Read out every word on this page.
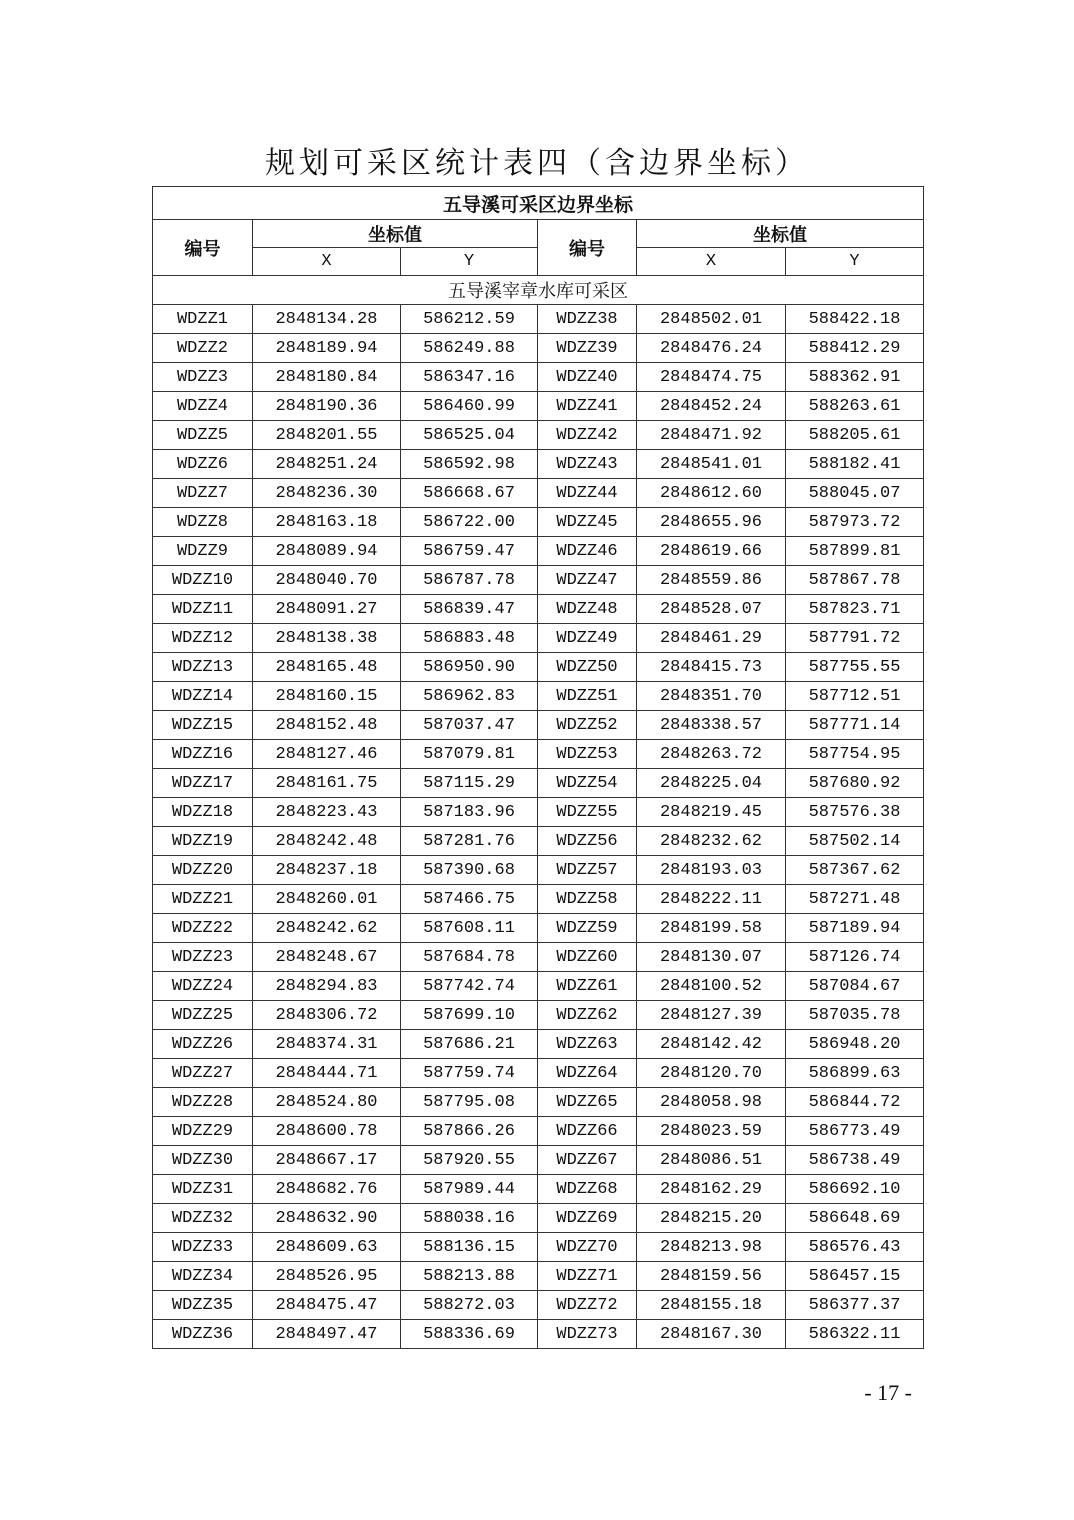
规划可采区统计表四（含边界坐标）
五导溪可采区边界坐标					
编号	坐标值		编号	坐标值	
	X	Y		X	Y
五导溪宰章水库可采区					
WDZZ1	2848134.28	586212.59	WDZZ38	2848502.01	588422.18
WDZZ2	2848189.94	586249.88	WDZZ39	2848476.24	588412.29
WDZZ3	2848180.84	586347.16	WDZZ40	2848474.75	588362.91
WDZZ4	2848190.36	586460.99	WDZZ41	2848452.24	588263.61
WDZZ5	2848201.55	586525.04	WDZZ42	2848471.92	588205.61
WDZZ6	2848251.24	586592.98	WDZZ43	2848541.01	588182.41
WDZZ7	2848236.30	586668.67	WDZZ44	2848612.60	588045.07
WDZZ8	2848163.18	586722.00	WDZZ45	2848655.96	587973.72
WDZZ9	2848089.94	586759.47	WDZZ46	2848619.66	587899.81
WDZZ10	2848040.70	586787.78	WDZZ47	2848559.86	587867.78
WDZZ11	2848091.27	586839.47	WDZZ48	2848528.07	587823.71
WDZZ12	2848138.38	586883.48	WDZZ49	2848461.29	587791.72
WDZZ13	2848165.48	586950.90	WDZZ50	2848415.73	587755.55
WDZZ14	2848160.15	586962.83	WDZZ51	2848351.70	587712.51
WDZZ15	2848152.48	587037.47	WDZZ52	2848338.57	587771.14
WDZZ16	2848127.46	587079.81	WDZZ53	2848263.72	587754.95
WDZZ17	2848161.75	587115.29	WDZZ54	2848225.04	587680.92
WDZZ18	2848223.43	587183.96	WDZZ55	2848219.45	587576.38
WDZZ19	2848242.48	587281.76	WDZZ56	2848232.62	587502.14
WDZZ20	2848237.18	587390.68	WDZZ57	2848193.03	587367.62
WDZZ21	2848260.01	587466.75	WDZZ58	2848222.11	587271.48
WDZZ22	2848242.62	587608.11	WDZZ59	2848199.58	587189.94
WDZZ23	2848248.67	587684.78	WDZZ60	2848130.07	587126.74
WDZZ24	2848294.83	587742.74	WDZZ61	2848100.52	587084.67
WDZZ25	2848306.72	587699.10	WDZZ62	2848127.39	587035.78
WDZZ26	2848374.31	587686.21	WDZZ63	2848142.42	586948.20
WDZZ27	2848444.71	587759.74	WDZZ64	2848120.70	586899.63
WDZZ28	2848524.80	587795.08	WDZZ65	2848058.98	586844.72
WDZZ29	2848600.78	587866.26	WDZZ66	2848023.59	586773.49
WDZZ30	2848667.17	587920.55	WDZZ67	2848086.51	586738.49
WDZZ31	2848682.76	587989.44	WDZZ68	2848162.29	586692.10
WDZZ32	2848632.90	588038.16	WDZZ69	2848215.20	586648.69
WDZZ33	2848609.63	588136.15	WDZZ70	2848213.98	586576.43
WDZZ34	2848526.95	588213.88	WDZZ71	2848159.56	586457.15
WDZZ35	2848475.47	588272.03	WDZZ72	2848155.18	586377.37
WDZZ36	2848497.47	588336.69	WDZZ73	2848167.30	586322.11
- 17 -
